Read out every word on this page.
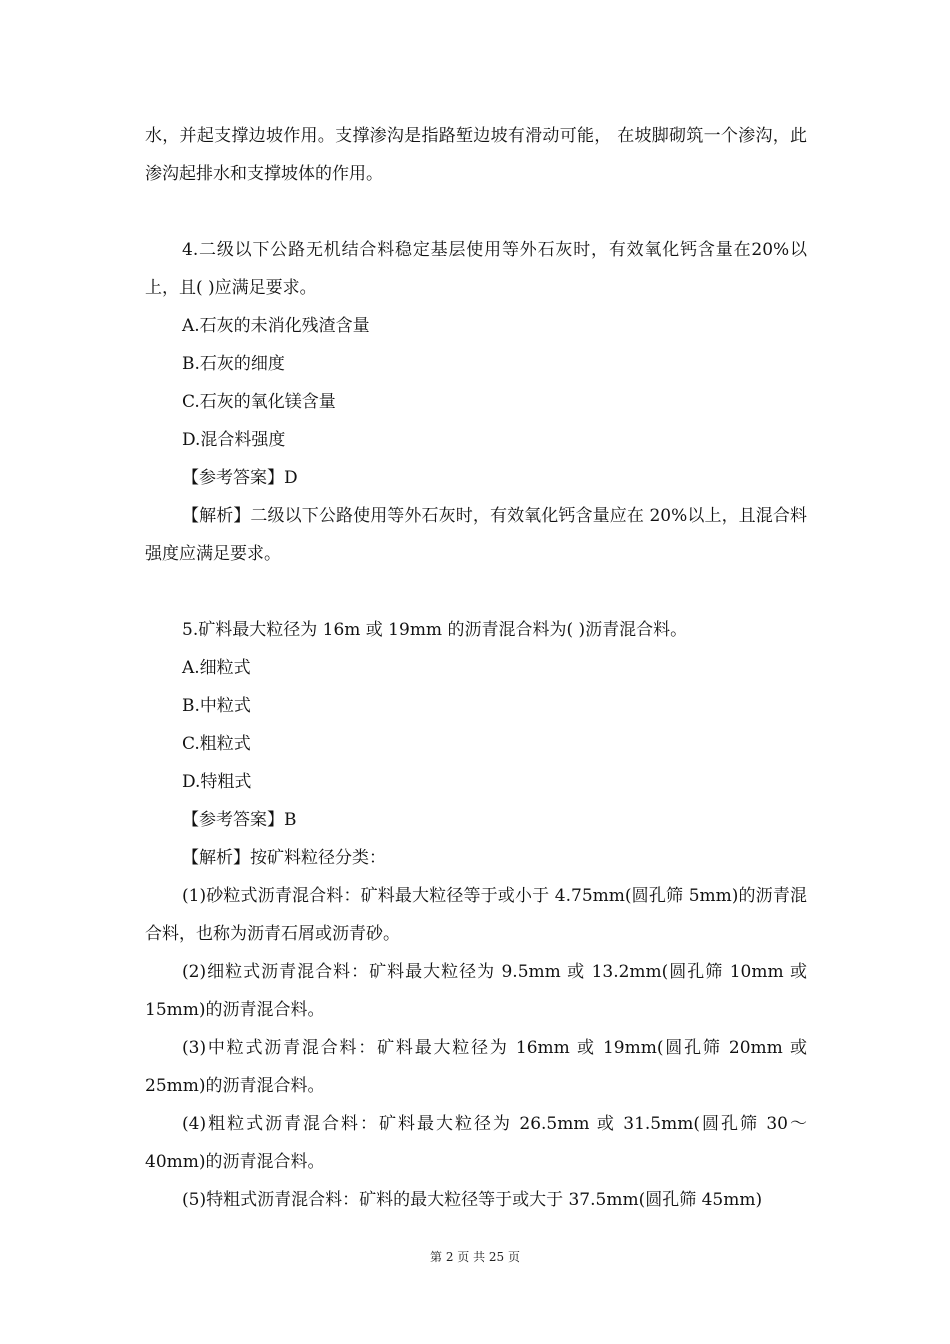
水，并起支撑边坡作用。支撑渗沟是指路堑边坡有滑动可能， 在坡脚砌筑一个渗沟，此渗沟起排水和支撑坡体的作用。

4.二级以下公路无机结合料稳定基层使用等外石灰时，有效氧化钙含量在20%以上，且( )应满足要求。

A.石灰的未消化残渣含量

B.石灰的细度

C.石灰的氧化镁含量

D.混合料强度

【参考答案】D

【解析】二级以下公路使用等外石灰时，有效氧化钙含量应在 20%以上，且混合料强度应满足要求。

5.矿料最大粒径为 16m 或 19mm 的沥青混合料为( )沥青混合料。

A.细粒式

B.中粒式

C.粗粒式

D.特粗式

【参考答案】B

【解析】按矿料粒径分类：

(1)砂粒式沥青混合料：矿料最大粒径等于或小于 4.75mm(圆孔筛 5mm)的沥青混合料，也称为沥青石屑或沥青砂。

(2)细粒式沥青混合料：矿料最大粒径为 9.5mm 或 13.2mm(圆孔筛 10mm 或 15mm)的沥青混合料。

(3)中粒式沥青混合料：矿料最大粒径为 16mm 或 19mm(圆孔筛 20mm 或 25mm)的沥青混合料。

(4)粗粒式沥青混合料：矿料最大粒径为 26.5mm 或 31.5mm(圆孔筛 30～40mm)的沥青混合料。

(5)特粗式沥青混合料：矿料的最大粒径等于或大于 37.5mm(圆孔筛 45mm)

第 2 页 共 25 页
